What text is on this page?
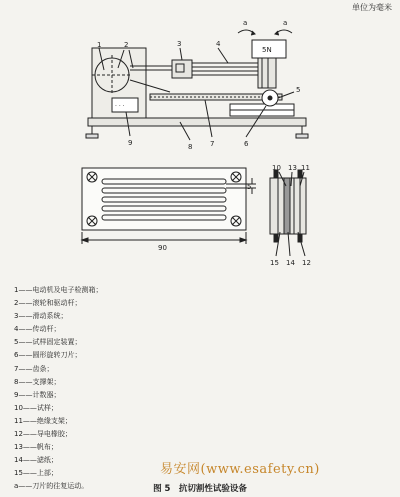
单位为毫米
· · ·
1	2	3	4
a	a
5N
5
6
7
8
9
10 13 11
5
90
15 14 12
1——电动机及电子检测箱；
2——滚轮和驱动杆；
3——滑动系统；
4——传动杆；
5——试样固定装置；
6——圆形旋转刀片；
7——齿条；
8——支撑架；
9——计数器；
10——试样；
11——绝缘支架；
12——导电橡胶；
13——帆布；
14——滤纸；
15——上部；
a——刀片的往复运动。
易安网(www.esafety.cn)
图 5　抗切割性试验设备
